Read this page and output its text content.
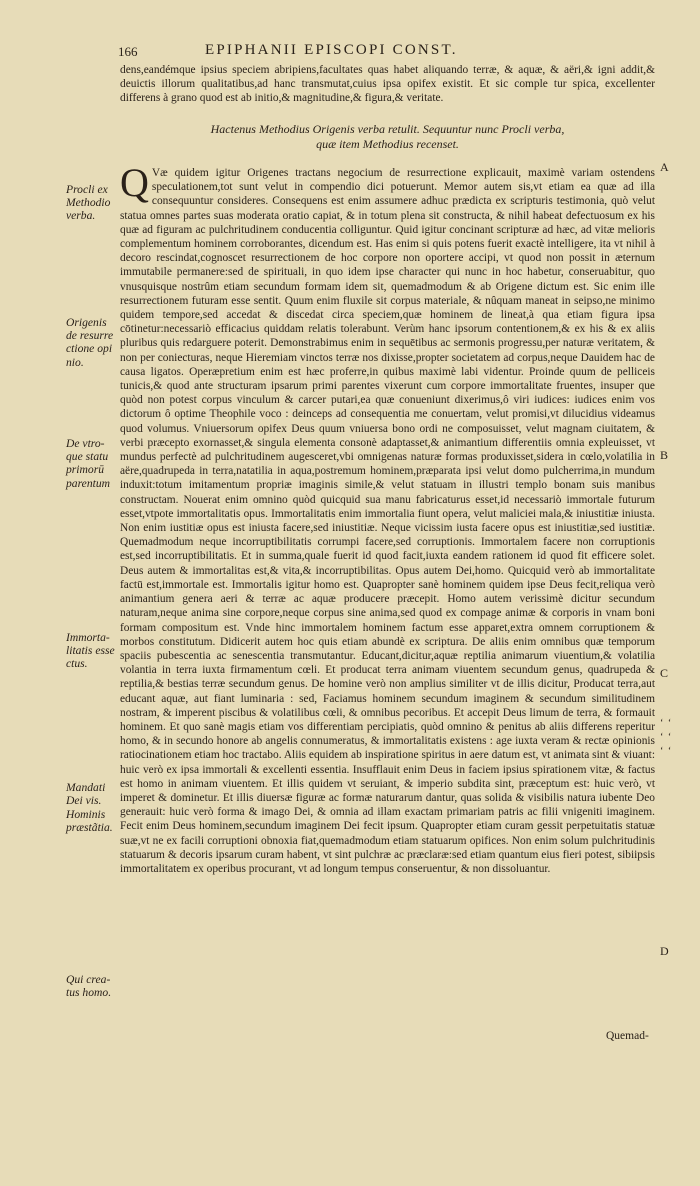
166	EPIPHANII EPISCOPI CONST.
dens,eandémque ipsius speciem abripiens,facultates quas habet aliquando terræ, & aquæ, & aëri,& igni addit,& deuictis illorum qualitatibus,ad hanc transmutat,cuius ipsa opifex existit. Et sic comple tur spica, excellenter differens à grano quod est ab initio,& magnitudine,& figura,& veritate.
Hactenus Methodius Origenis verba retulit. Sequuntur nunc Procli verba,
quæ item Methodius recenset.
Q Væ quidem igitur Origenes tractans negocium de resurrectione explicauit, maximè variam ostendens speculationem,tot sunt velut in compendio dici potuerunt. Memor autem sis,vt etiam ea quæ ad illa consequuntur consideres. Consequens est enim assumere adhuc prædicta ex scripturis testimonia, quò velut statua omnes partes suas moderata oratio capiat, & in totum plena sit constructa, & nihil habeat defectuosum ex his quæ ad figuram ac pulchritudinem conducentia colliguntur. Quid igitur concinant scripturæ ad hæc, ad vitæ melioris complementum hominem corroborantes, dicendum est. Has enim si quis potens fuerit exactè intelligere, ita vt nihil à decoro rescindat,cognoscet resurrectionem de hoc corpore non oportere accipi, vt quod non possit in æternum immutabile permanere:sed de spirituali, in quo idem ipse character qui nunc in hoc habetur, conseruabitur, quo vnusquisque nostrûm etiam secundum formam idem sit, quemadmodum & ab Origene dictum est. Sic enim ille resurrectionem futuram esse sentit. Quum enim fluxile sit corpus materiale, & nûquam maneat in seipso,ne minimo quidem tempore,sed accedat & discedat circa speciem,quæ hominem de lineat,à qua etiam figura ipsa cōtinetur:necessariò efficacius quiddam relatis tolerabunt. Verùm hanc ipsorum contentionem,& ex his & ex aliis pluribus quis redarguere poterit. Demonstrabimus enim in sequētibus ac sermonis progressu,per naturæ veritatem, & non per coniecturas, neque Hieremiam vinctos terræ nos dixisse,propter societatem ad corpus,neque Dauidem hac de causa ligatos. Operæpretium enim est hæc proferre,in quibus maximè labi videntur. Proinde quum de pelliceis tunicis,& quod ante structuram ipsarum primi parentes vixerunt cum corpore immortalitate fruentes, insuper que quòd non potest corpus vinculum & carcer putari,ea quæ conueniunt dixerimus,ô viri iudices: iudices enim vos dictorum ô optime Theophile voco : deinceps ad consequentia me conuertam, velut promisi,vt dilucidius videamus quod volumus. Vniuersorum opifex Deus quum vniuersa bono ordi ne composuisset, velut magnam ciuitatem, & verbi præcepto exornasset,& singula elementa consonè adaptasset,& animantium differentiis omnia expleuisset, vt mundus perfectè ad pulchritudinem augesceret,vbi omnigenas naturæ formas produxisset,sidera in cœlo,volatilia in aëre,quadrupeda in terra,natatilia in aqua,postremum hominem,præparata ipsi velut domo pulcherrima,in mundum induxit:totum imitamentum propriæ imaginis simile,& velut statuam in illustri templo bonam suis manibus constructam. Nouerat enim omnino quòd quicquid sua manu fabricaturus esset,id necessariò immortale futurum esset,vtpote immortalitatis opus. Immortalitatis enim immortalia fiunt opera, velut maliciei mala,& iniustitiæ iniusta. Non enim iustitiæ opus est iniusta facere,sed iniustitiæ. Neque vicissim iusta facere opus est iniustitiæ,sed iustitiæ. Quemadmodum neque incorruptibilitatis corrumpi facere,sed corruptionis. Immortalem facere non corruptionis est,sed incorruptibilitatis. Et in summa,quale fuerit id quod facit,iuxta eandem rationem id quod fit efficere solet. Deus autem & immortalitas est,& vita,& incorruptibilitas. Opus autem Dei,homo. Quicquid verò ab immortalitate factū est,immortale est. Immortalis igitur homo est. Quapropter sanè hominem quidem ipse Deus fecit,reliqua verò animantium genera aeri & terræ ac aquæ producere præcepit. Homo autem verissimè dicitur secundum naturam,neque anima sine corpore,neque corpus sine anima,sed quod ex compage animæ & corporis in vnam boni formam compositum est. Vnde hinc immortalem hominem factum esse apparet,extra omnem corruptionem & morbos constitutum. Didicerit autem hoc quis etiam abundè ex scriptura. De aliis enim omnibus quæ temporum spaciis pubescentia ac senescentia transmutantur. Educant,dicitur,aquæ reptilia animarum viuentium,& volatilia volantia in terra iuxta firmamentum cœli. Et producat terra animam viuentem secundum genus, quadrupeda & reptilia,& bestias terræ secundum genus. De homine verò non amplius similiter vt de illis dicitur, Producat terra,aut educant aquæ, aut fiant luminaria : sed, Faciamus hominem secundum imaginem & secundum similitudinem nostram, & imperent piscibus & volatilibus cœli, & omnibus pecoribus. Et accepit Deus limum de terra, & formauit hominem. Et quo sanè magis etiam vos differentiam percipiatis, quòd omnino & penitus ab aliis differens reperitur homo, & in secundo honore ab angelis connumeratus, & immortalitatis existens : age iuxta veram & rectæ opinionis ratiocinationem etiam hoc tractabo. Aliis equidem ab inspiratione spiritus in aere datum est, vt animata sint & viuant: huic verò ex ipsa immortali & excellenti essentia. Insufflauit enim Deus in faciem ipsius spirationem vitæ, & factus est homo in animam viuentem. Et illis quidem vt seruiant, & imperio subdita sint, præceptum est: huic verò, vt imperet & dominetur. Et illis diuersæ figuræ ac formæ naturarum dantur, quas solida & visibilis natura iubente Deo generauit: huic verò forma & imago Dei, & omnia ad illam exactam primariam patris ac filii vnigeniti imaginem. Fecit enim Deus hominem,secundum imaginem Dei fecit ipsum. Quapropter etiam curam gessit perpetuitatis statuæ suæ,vt ne ex facili corruptioni obnoxia fiat,quemadmodum etiam statuarum opifices. Non enim solum pulchritudinis statuarum & decoris ipsarum curam habent, vt sint pulchræ ac præclaræ:sed etiam quantum eius fieri potest, sibiipsis immortalitatem ex operibus procurant, vt ad longum tempus conseruentur, & non dissoluantur.
Procli ex Methodio verba.
Origenis de resurre ctione opi nio.
De vtro- que statu primorū parentum
Immorta- litatis esse ctus.
Mandati Dei vis.
Hominis præstãtia.
Qui crea- tus homo.
A
B
C
D
‘ ‘
‘ ‘
‘ ‘
Quemad-
